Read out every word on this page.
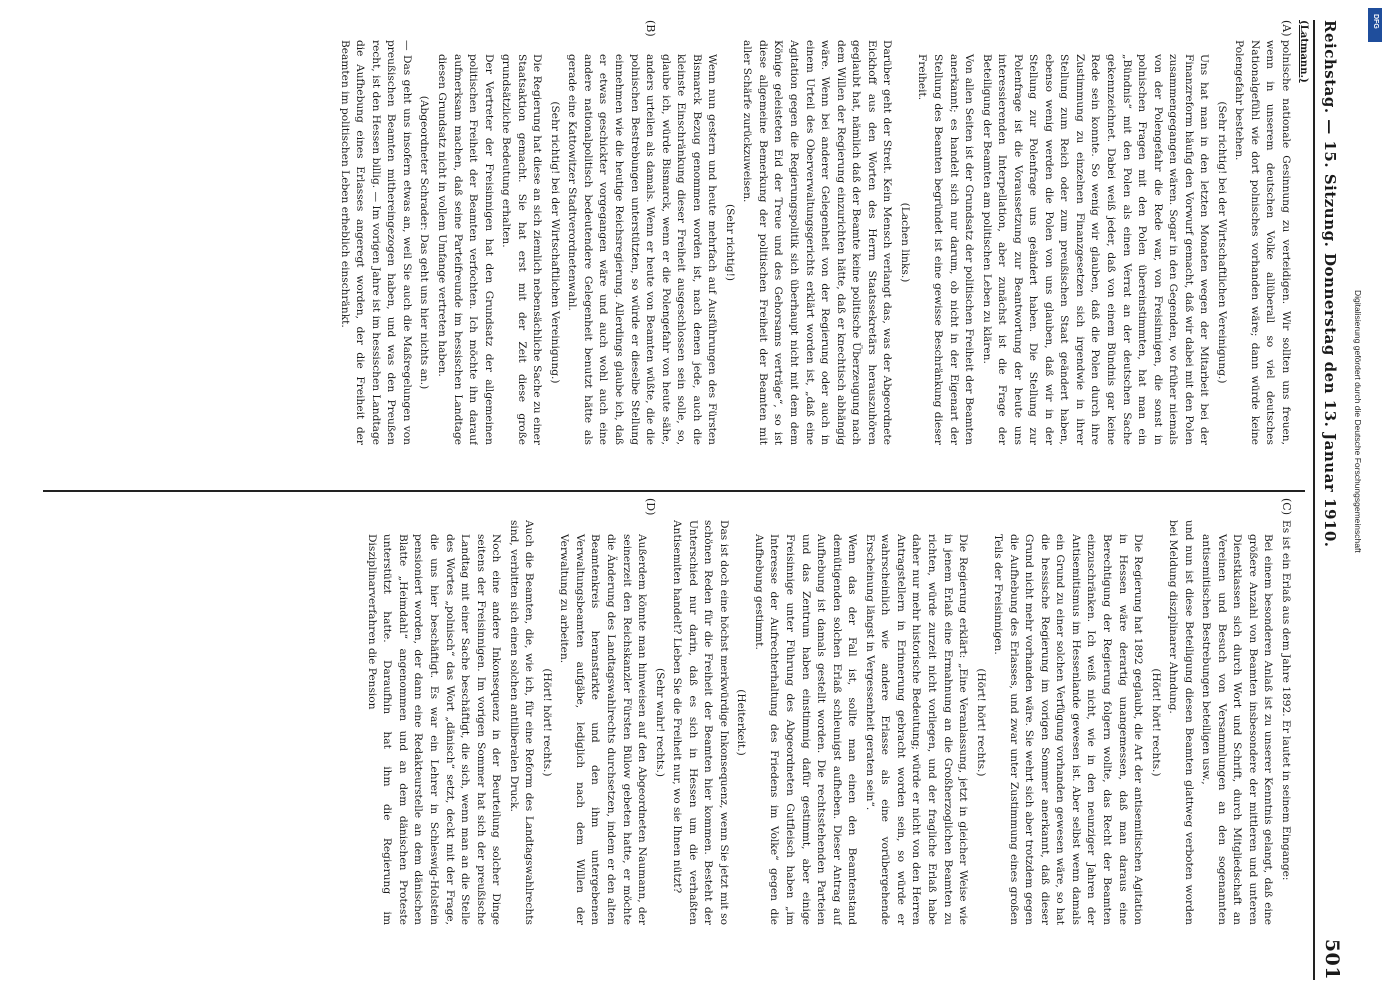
Reichstag. — 15. Sitzung. Donnerstag den 13. Januar 1910.
501
(Latmann.)
(A)
(B)
(C)
(D)

polnische nationale Gesinnung zu verteidigen. Wir sollten uns freuen, wenn in unserem deutschen Volke allüberall so viel deutsches Nationalgefühl wie dort polnisches vorhanden wäre; dann würde keine Polengefahr bestehen.

(Sehr richtig! bei der Wirtschaftlichen Vereinigung.)

Uns hat man in den letzten Monaten wegen der Mitarbeit bei der Finanzreform häufig den Vorwurf gemacht, daß wir dabei mit den Polen zusammengegangen wären. Sogar in den Gegenden, wo früher niemals von der Polengefahr die Rede war, von Freisinnigen, die sonst in polnischen Fragen mit den Polen übereinstimmten, hat man ein „Bündnis“ mit den Polen als einen Verrat an der deutschen Sache gekennzeichnet. Dabei weiß jeder, daß von einem Bündnis gar keine Rede sein konnte. So wenig wir glauben, daß die Polen durch ihre Zustimmung zu einzelnen Finanzgesetzen sich irgendwie in ihrer Stellung zum Reich oder zum preußischen Staat geändert haben, ebenso wenig werden die Polen von uns glauben, daß wir in der Stellung zur Polenfrage uns geändert haben. Die Stellung zur Polenfrage ist die Voraussetzung zur Beantwortung der heute uns interessierenden Interpellation, aber zunächst ist die Frage der Beteiligung der Beamten am politischen Leben zu klären.

Von allen Seiten ist der Grundsatz der politischen Freiheit der Beamten anerkannt; es handelt sich nur darum, ob nicht in der Eigenart der Stellung des Beamten begründet ist eine gewisse Beschränkung dieser Freiheit.

(Lachen links.)

Darüber geht der Streit. Kein Mensch verlangt das, was der Abgeordnete Eickhoff aus den Worten des Herrn Staatssekretärs herauszuhören geglaubt hat, nämlich daß der Beamte keine politische Überzeugung nach dem Willen der Regierung einzurichten hätte, daß er knechtisch abhängig wäre. Wenn bei anderer Gelegenheit von der Regierung oder auch in einem Urteil des Oberverwaltungsgerichts erklärt worden ist, „daß eine Agitation gegen die Regierungspolitik sich überhaupt nicht mit dem dem Könige geleisteten Eid der Treue und des Gehorsams verträge“, so ist diese allgemeine Bemerkung der politischen Freiheit der Beamten mit aller Schärfe zurückzuweisen.

(Sehr richtig!)

Wenn nun gestern und heute mehrfach auf Ausführungen des Fürsten Bismarck Bezug genommen worden ist, nach denen jede, auch die kleinste Einschränkung dieser Freiheit ausgeschlossen sein solle, so, glaube ich, würde Bismarck, wenn er die Polengefahr von heute sähe, anders urteilen als damals. Wenn er heute von Beamten wüßte, die die polnischen Bestrebungen unterstützten, so würde er dieselbe Stellung einnehmen wie die heutige Reichsregierung. Allerdings glaube ich, daß er etwas geschickter vorgegangen wäre und auch wohl auch eine andere nationalpolitisch bedeutendere Gelegenheit benutzt hätte als gerade eine Kattowitzer Stadtverordnetenwahl.

(Sehr richtig! bei der Wirtschaftlichen Vereinigung.)

Die Regierung hat diese an sich ziemlich nebensächliche Sache zu einer Staatsaktion gemacht. Sie hat erst mit der Zeit diese große grundsätzliche Bedeutung erhalten.

Der Vertreter der Freisinnigen hat den Grundsatz der allgemeinen politischen Freiheit der Beamten verfochten. Ich möchte ihn darauf aufmerksam machen, daß seine Parteifreunde im hessischen Landtage diesen Grundsatz nicht in vollem Umfange vertreten haben.

(Abgeordneter Schrader: Das geht uns hier nichts an.)

— Das geht uns insofern etwas an, weil Sie auch die Maßregelungen von preußischen Beamten mithereingezogen haben, und was den Preußen recht, ist den Hessen billig. — Im vorigen Jahre ist im hessischen Landtage die Aufhebung eines Erlasses angeregt worden, der die Freiheit der Beamten im politischen Leben erheblich einschränkt.

Es ist ein Erlaß aus dem Jahre 1892. Er lautet in seinem Eingange:

Bei einem besonderen Anlaß ist zu unserer Kenntnis gelangt, daß eine größere Anzahl von Beamten insbesondere der mittleren und unteren Dienstklassen sich durch Wort und Schrift, durch Mitgliedschaft an Vereinen und Besuch von Versammlungen an den sogenannten antisemitischen Bestrebungen beteiligen usw.,

und nun ist diese Beteiligung diesen Beamten glattweg verboten worden bei Meldung disziplinarer Ahndung.

(Hört! hört! rechts.)

Die Regierung hat 1892 geglaubt, die Art der antisemitischen Agitation in Hessen wäre derartig unangemessen, daß man daraus eine Berechtigung der Regierung folgern wollte, das Recht der Beamten einzuschränken. Ich weiß nicht, wie in den neunziger Jahren der Antisemitismus im Hessenlande gewesen ist. Aber selbst wenn damals ein Grund zu einer solchen Verfügung vorhanden gewesen wäre, so hat die hessische Regierung im vorigen Sommer anerkannt, daß dieser Grund nicht mehr vorhanden wäre. Sie wehrt sich aber trotzdem gegen die Aufhebung des Erlasses, und zwar unter Zustimmung eines großen Teils der Freisinnigen.

(Hört! hört! rechts.)

Die Regierung erklärt: „Eine Veranlassung, jetzt in gleicher Weise wie in jenem Erlaß eine Ermahnung an die Großherzoglichen Beamten zu richten, würde zurzeit nicht vorliegen, und der fragliche Erlaß habe daher nur mehr historische Bedeutung; würde er nicht von den Herren Antragstellern in Erinnerung gebracht worden sein, so würde er wahrscheinlich wie andere Erlasse als eine vorübergehende Erscheinung längst in Vergessenheit geraten sein“.

Wenn das der Fall ist, sollte man einen den Beamtenstand demütigenden solchen Erlaß schleunigst aufheben. Dieser Antrag auf Aufhebung ist damals gestellt worden. Die rechtsstehenden Parteien und das Zentrum haben einstimmig dafür gestimmt, aber einige Freisinnige unter Führung des Abgeordneten Gutfleisch haben „im Interesse der Aufrechterhaltung des Friedens im Volke“ gegen die Aufhebung gestimmt.

(Heiterkeit.)

Das ist doch eine höchst merkwürdige Inkonsequenz, wenn Sie jetzt mit so schönen Reden für die Freiheit der Beamten hier kommen. Besteht der Unterschied nur darin, daß es sich in Hessen um die verhaßten Antisemiten handelt? Lieben Sie die Freiheit nur, wo sie Ihnen nützt?

(Sehr wahr! rechts.)

Außerdem könnte man hinweisen auf den Abgeordneten Naumann, der seinerzeit den Reichskanzler Fürsten Bülow gebeten hatte, er möchte die Änderung des Landtagswahlrechts durchsetzen, indem er den alten Beamtenkreis heranstarkte und den ihm untergebenen Verwaltungsbeamten aufgäbe, lediglich nach dem Willen der Verwaltung zu arbeiten.

(Hört! hört! rechts.)

Auch die Beamten, die, wie ich, für eine Reform des Landtagswahlrechts sind, verbitten sich einen solchen antiliberalen Druck.

Noch eine andere Inkonsequenz in der Beurteilung solcher Dinge seitens der Freisinnigen. Im vorigen Sommer hat sich der preußische Landtag mit einer Sache beschäftigt, die sich, wenn man an die Stelle des Wortes „polnisch“ das Wort „dänisch“ setzt, deckt mit der Frage, die uns hier beschäftigt. Es war ein Lehrer in Schleswig-Holstein pensioniert worden, der dann eine Redakteurstelle an dem dänischen Blatte „Heimdahl“ angenommen und an dem dänischen Proteste unterstützt hatte. Daraufhin hat ihm die Regierung im Disziplinarverfahren die Pension

DFG
Digitalisierung gefördert durch die Deutsche Forschungsgemeinschaft
